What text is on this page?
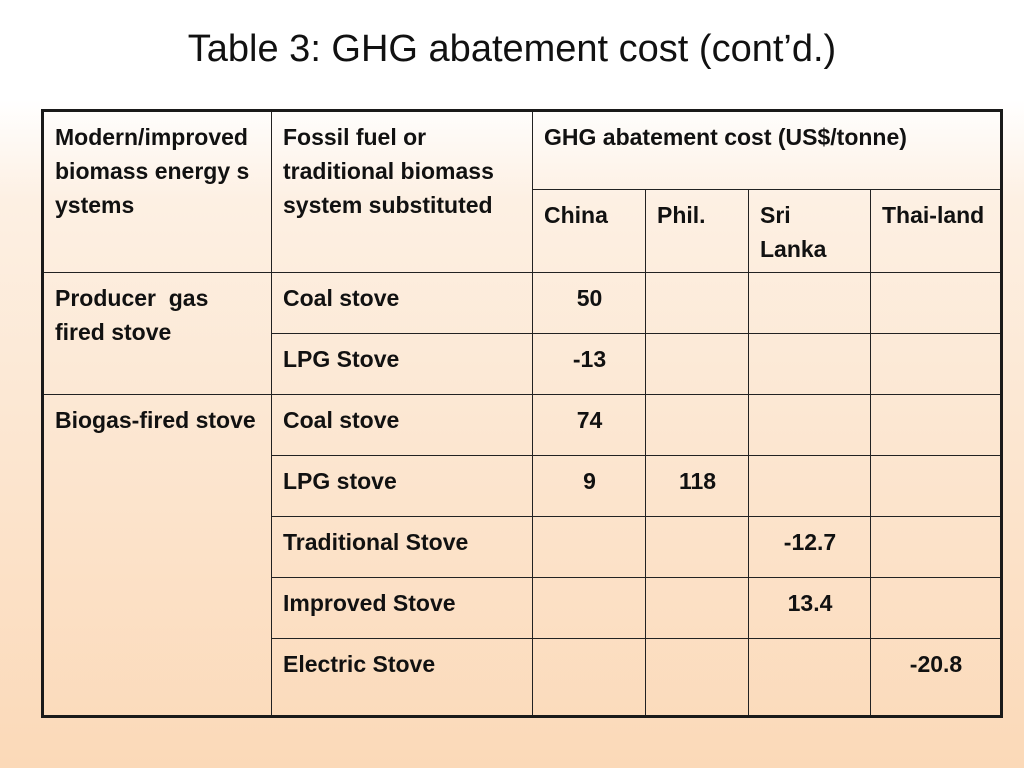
Table 3: GHG abatement cost (cont’d.)
Modern/improved biomass energy systems	Fossil fuel or traditional biomass system substituted	GHG abatement cost (US$/tonne)			
		China	Phil.	Sri Lanka	Thai-land
Producer  gas fired stove	Coal stove	50			
	LPG Stove	-13			
Biogas-fired stove	Coal stove	74			
	LPG stove	9	118		
	Traditional Stove			-12.7	
	Improved Stove			13.4	
	Electric Stove				-20.8
